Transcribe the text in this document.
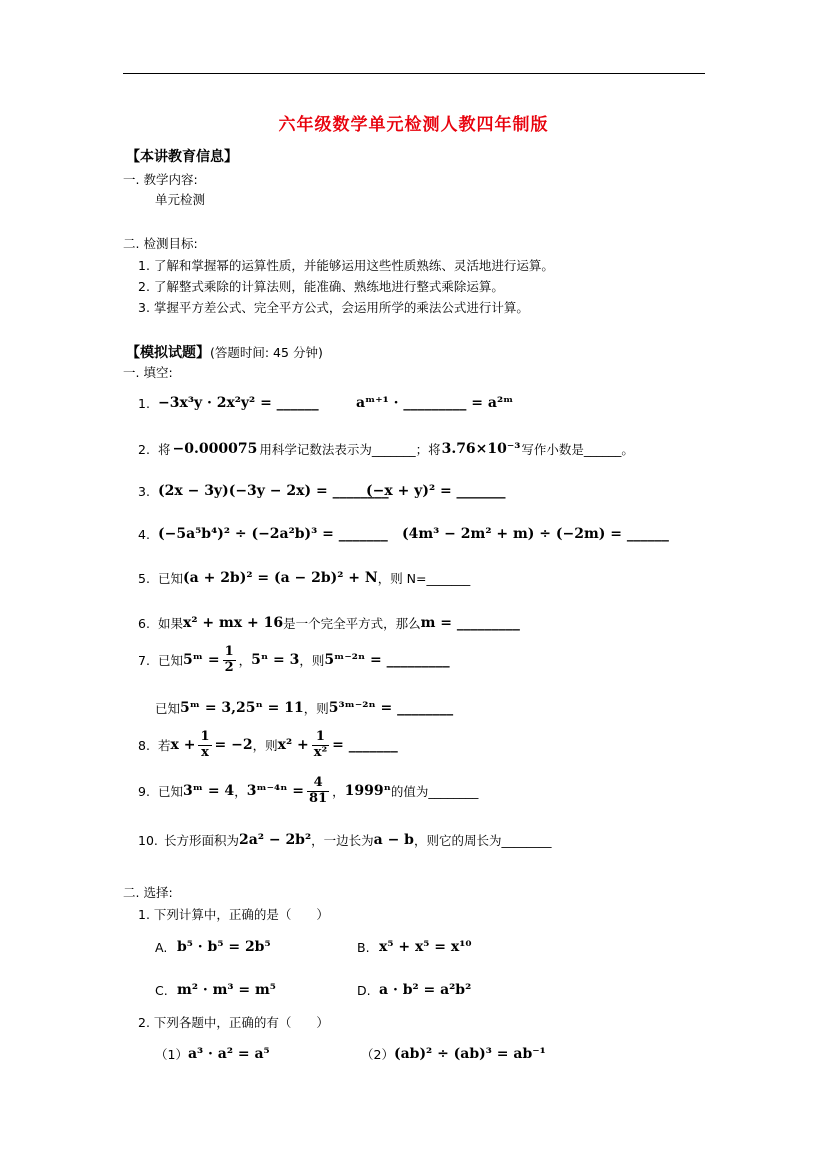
六年级数学单元检测人教四年制版
【本讲教育信息】
一. 教学内容:
单元检测
二. 检测目标:
1. 了解和掌握幂的运算性质，并能够运用这些性质熟练、灵活地进行运算。
2. 了解整式乘除的计算法则，能准确、熟练地进行整式乘除运算。
3. 掌握平方差公式、完全平方公式，会运用所学的乘法公式进行计算。
【模拟试题】(答题时间: 45 分钟)
一. 填空:
1. −3x³y · 2x²y² = ______	aᵐ⁺¹ · _________ = a²ᵐ
2. 将 −0.000075 用科学记数法表示为_______；将 3.76×10⁻³ 写作小数是______。
3. (2x − 3y)(−3y − 2x) = ________
(−x + y)² = _______
4. (−5a⁵b⁴)² ÷ (−2a²b)³ = _______ (4m³ − 2m² + m) ÷ (−2m) = ______
5. 已知 (a + 2b)² = (a − 2b)² + N ，则 N=_______
6. 如果 x² + mx + 16 是一个完全平方式，那么 m = _________
7. 已知 5ᵐ = $\frac{1}{2}$ ， 5ⁿ = 3 ，则 5ᵐ⁻²ⁿ = _________
已知 5ᵐ = 3,25ⁿ = 11 ，则 5³ᵐ⁻²ⁿ = ________
8. 若 $x + \frac{1}{x} = -2$ ，则 $x^2 + \frac{1}{\text{x²}}$ = _______
9. 已知 3ᵐ = 4 ， 3ᵐ⁻⁴ⁿ = $\frac{4}{81}$ ， 1999ⁿ 的值为________
10. 长方形面积为 2a² − 2b² ，一边长为 a − b ，则它的周长为________
二. 选择:
1. 下列计算中，正确的是（　　）
A. b⁵ · b⁵ = 2b⁵	B. x⁵ + x⁵ = x¹⁰
C. m² · m³ = m⁵	D. a · b² = a²b²
2. 下列各题中，正确的有（　　）
（1） a³ · a² = a⁵	（2） (ab)² ÷ (ab)³ = ab⁻¹
